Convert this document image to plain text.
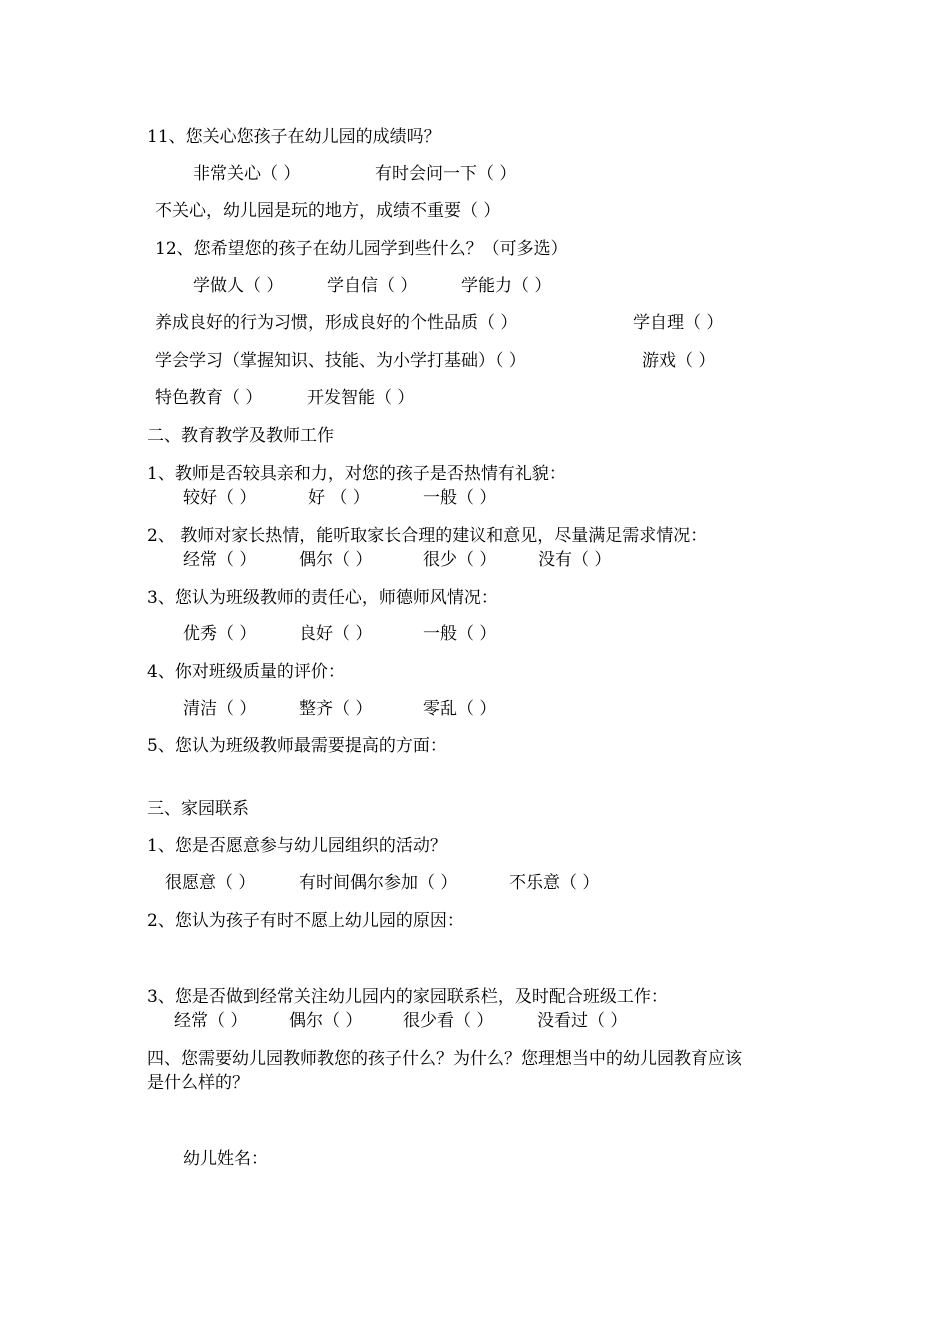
11、您关心您孩子在幼儿园的成绩吗？
非常关心（ ）	有时会问一下（ ）
不关心，幼儿园是玩的地方，成绩不重要（ ）
12、您希望您的孩子在幼儿园学到些什么？（可多选）
学做人（ ）	学自信（ ）	学能力（ ）
养成良好的行为习惯，形成良好的个性品质（ ）	学自理（ ）
学会学习（掌握知识、技能、为小学打基础）（ ）	游戏（ ）
特色教育（ ）	开发智能（ ）
二、教育教学及教师工作
1、教师是否较具亲和力，对您的孩子是否热情有礼貌：
较好（ ）	好 （ ）	一般（ ）
2、 教师对家长热情，能听取家长合理的建议和意见，尽量满足需求情况：
经常（ ）	偶尔（ ）	很少（ ） 没有（ ）
3、您认为班级教师的责任心，师德师风情况：
优秀（ ）	良好（ ）	一般（ ）
4、你对班级质量的评价：
清洁（ ）	整齐（ ）	零乱（ ）
5、您认为班级教师最需要提高的方面：
三、家园联系
1、您是否愿意参与幼儿园组织的活动？
很愿意（ ）	有时间偶尔参加（ ）	不乐意（ ）
2、您认为孩子有时不愿上幼儿园的原因：
3、您是否做到经常关注幼儿园内的家园联系栏，及时配合班级工作：
经常（ ） 偶尔（ ） 很少看（ ）	没看过（ ）
四、您需要幼儿园教师教您的孩子什么？为什么？您理想当中的幼儿园教育应该
是什么样的？
幼儿姓名：
